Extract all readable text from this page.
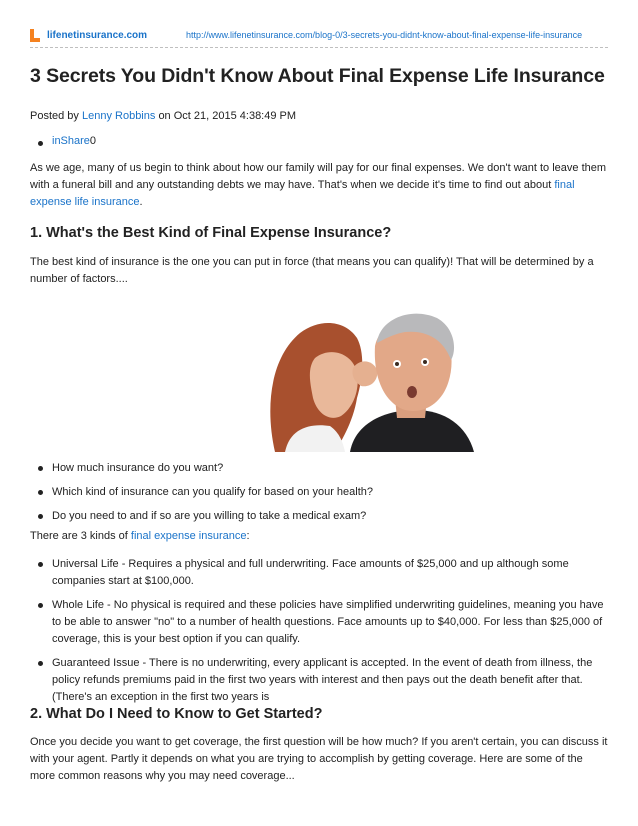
lifenetinsurance.com	http://www.lifenetinsurance.com/blog-0/3-secrets-you-didnt-know-about-final-expense-life-insurance
3 Secrets You Didn't Know About Final Expense Life Insurance
Posted by Lenny Robbins on Oct 21, 2015 4:38:49 PM
inShare0

As we age, many of us begin to think about how our family will pay for our final expenses. We don't want to leave them with a funeral bill and any outstanding debts we may have. That's when we decide it's time to find out about final expense life insurance.

1. What's the Best Kind of Final Expense Insurance?

The best kind of insurance is the one you can put in force (that means you can qualify)! That will be determined by a number of factors....

How much insurance do you want?
Which kind of insurance can you qualify for based on your health?
Do you need to and if so are you willing to take a medical exam?

There are 3 kinds of final expense insurance:

Universal Life - Requires a physical and full underwriting. Face amounts of $25,000 and up although some companies start at $100,000.
Whole Life - No physical is required and these policies have simplified underwriting guidelines, meaning you have to be able to answer "no" to a number of health questions. Face amounts up to $40,000. For less than $25,000 of coverage, this is your best option if you can qualify.
Guaranteed Issue - There is no underwriting, every applicant is accepted. In the event of death from illness, the policy refunds premiums paid in the first two years with interest and then pays out the death benefit after that. (There's an exception in the first two years is
2. What Do I Need to Know to Get Started?

Once you decide you want to get coverage, the first question will be how much? If you aren't certain, you can discuss it with your agent. Partly it depends on what you are trying to accomplish by getting coverage. Here are some of the more common reasons why you may need coverage...
